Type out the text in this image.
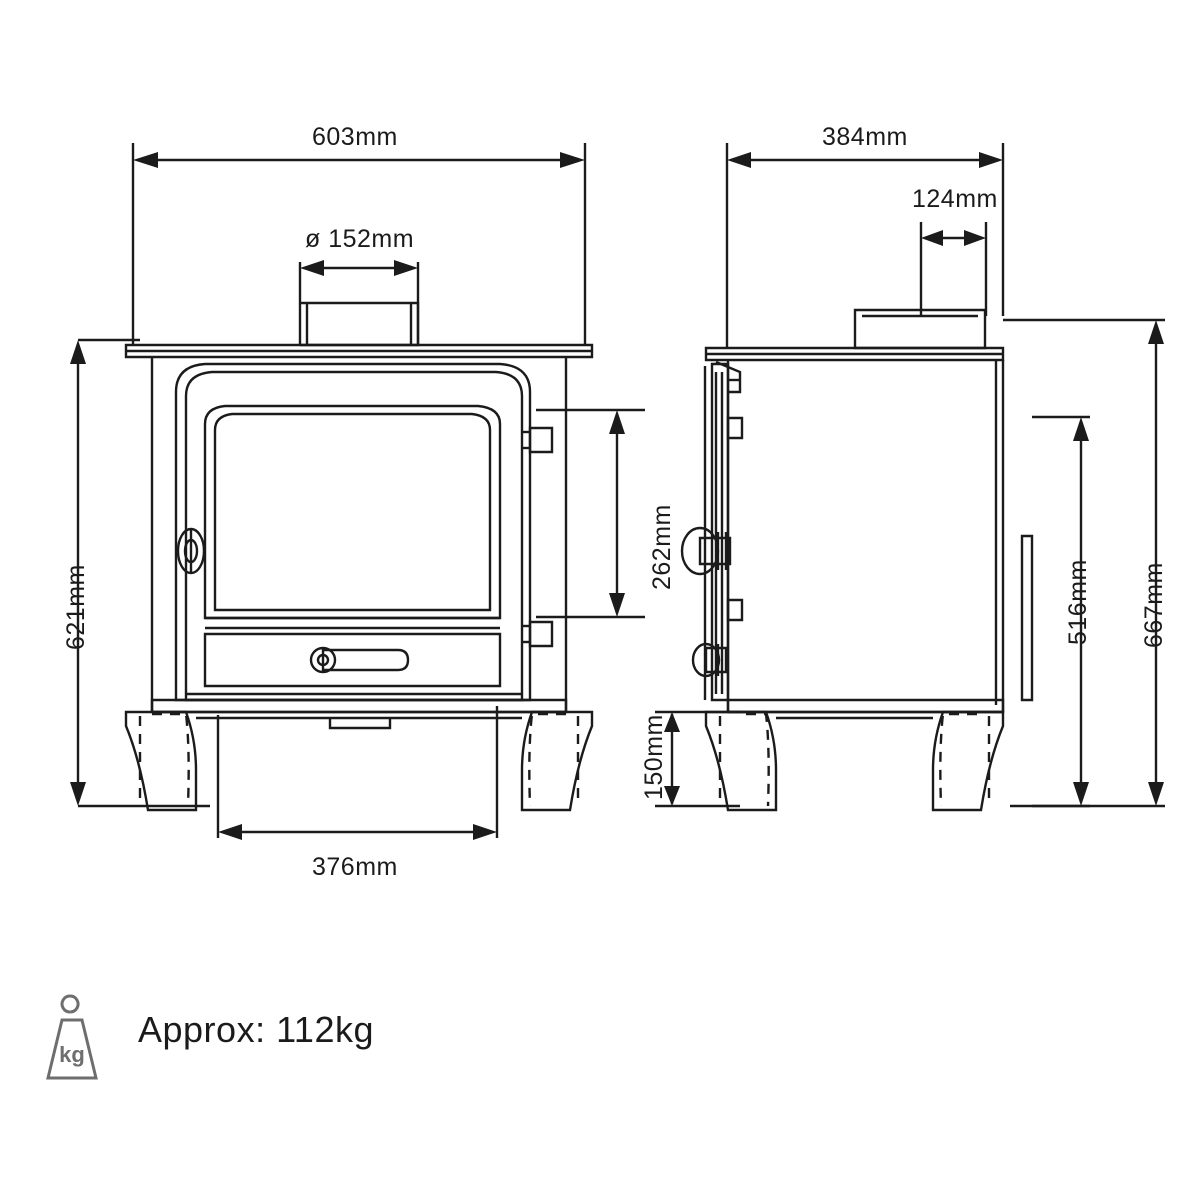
kg
603mm
ø 152mm
621mm
262mm
376mm
384mm
124mm
667mm
516mm
150mm
Approx: 112kg
